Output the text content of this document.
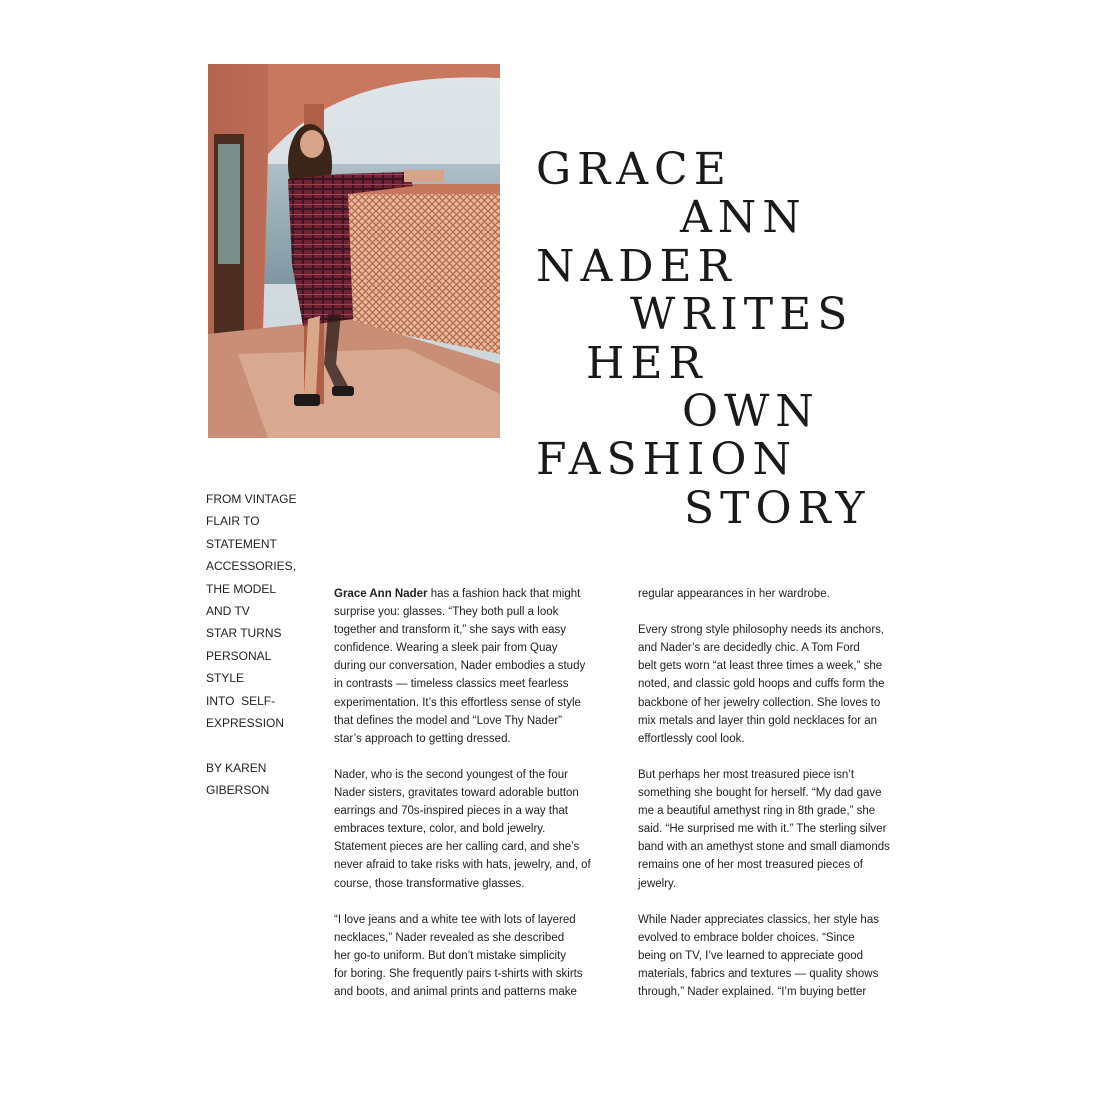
GRACE
ANN
NADER
WRITES
HER
OWN
FASHION
STORY
FROM VINTAGE
FLAIR TO
STATEMENT
ACCESSORIES,
THE MODEL
AND TV
STAR TURNS
PERSONAL
STYLE
INTO  SELF-
EXPRESSION
BY KAREN
GIBERSON

Grace Ann Nader has a fashion hack that might
surprise you: glasses. “They both pull a look
together and transform it,” she says with easy
confidence. Wearing a sleek pair from Quay
during our conversation, Nader embodies a study
in contrasts — timeless classics meet fearless
experimentation. It’s this effortless sense of style
that defines the model and “Love Thy Nader”
star’s approach to getting dressed.

Nader, who is the second youngest of the four
Nader sisters, gravitates toward adorable button
earrings and 70s-inspired pieces in a way that
embraces texture, color, and bold jewelry.
Statement pieces are her calling card, and she’s
never afraid to take risks with hats, jewelry, and, of
course, those transformative glasses.

“I love jeans and a white tee with lots of layered
necklaces,” Nader revealed as she described
her go-to uniform. But don’t mistake simplicity
for boring. She frequently pairs t-shirts with skirts
and boots, and animal prints and patterns make

regular appearances in her wardrobe.

Every strong style philosophy needs its anchors,
and Nader’s are decidedly chic. A Tom Ford
belt gets worn “at least three times a week,” she
noted, and classic gold hoops and cuffs form the
backbone of her jewelry collection. She loves to
mix metals and layer thin gold necklaces for an
effortlessly cool look.

But perhaps her most treasured piece isn’t
something she bought for herself. “My dad gave
me a beautiful amethyst ring in 8th grade,” she
said. “He surprised me with it.” The sterling silver
band with an amethyst stone and small diamonds
remains one of her most treasured pieces of
jewelry.

While Nader appreciates classics, her style has
evolved to embrace bolder choices. “Since
being on TV, I’ve learned to appreciate good
materials, fabrics and textures — quality shows
through,” Nader explained. “I’m buying better
